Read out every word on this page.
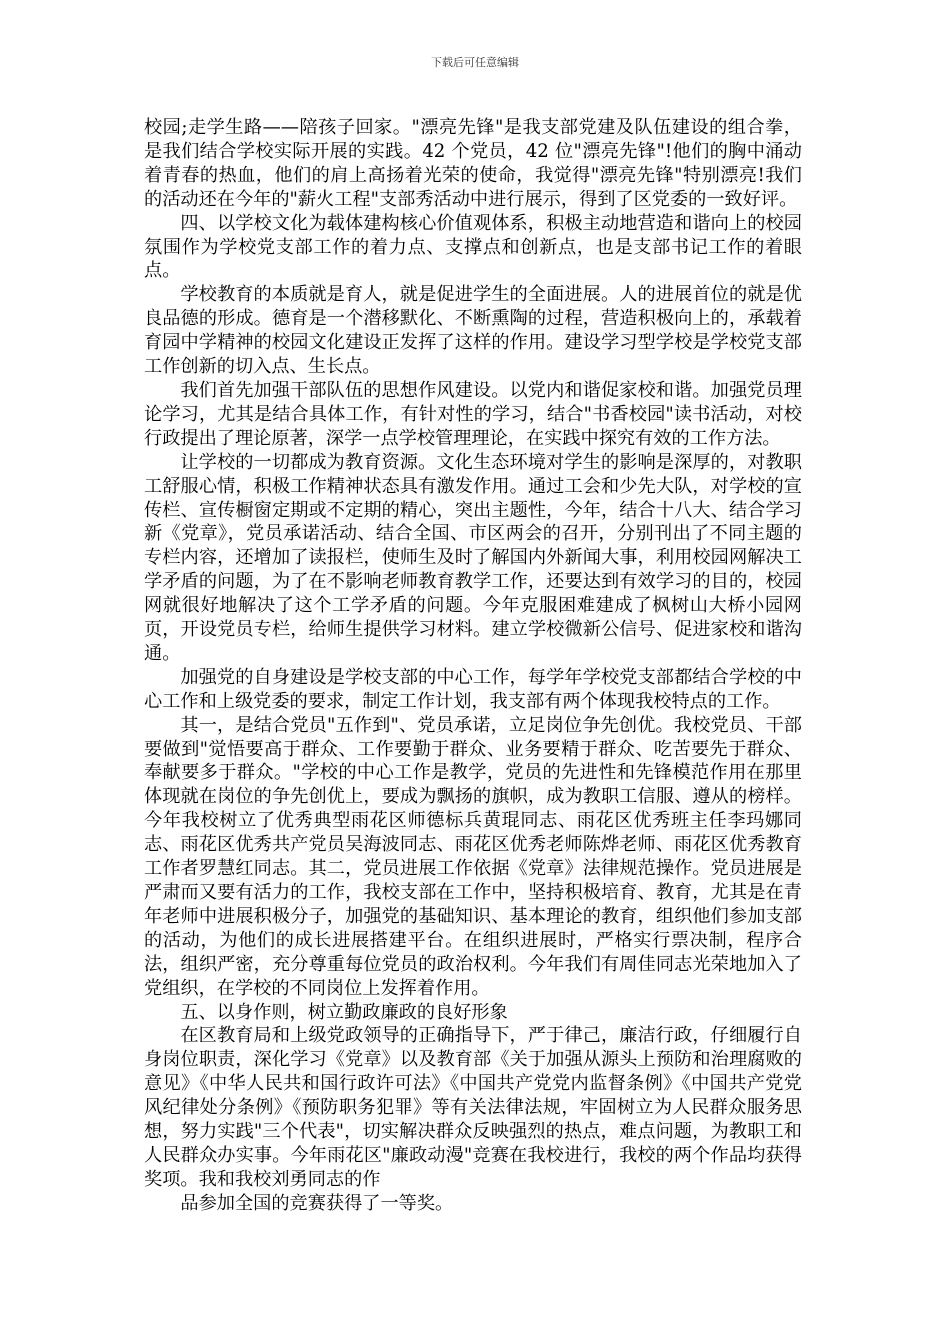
下载后可任意编辑

校园;走学生路——陪孩子回家。"漂亮先锋"是我支部党建及队伍建设的组合拳，是我们结合学校实际开展的实践。42 个党员，42 位"漂亮先锋"!他们的胸中涌动着青春的热血，他们的肩上高扬着光荣的使命，我觉得"漂亮先锋"特别漂亮!我们的活动还在今年的"薪火工程"支部秀活动中进行展示，得到了区党委的一致好评。

四、以学校文化为载体建构核心价值观体系，积极主动地营造和谐向上的校园氛围作为学校党支部工作的着力点、支撑点和创新点，也是支部书记工作的着眼点。

学校教育的本质就是育人，就是促进学生的全面进展。人的进展首位的就是优良品德的形成。德育是一个潜移默化、不断熏陶的过程，营造积极向上的，承载着育园中学精神的校园文化建设正发挥了这样的作用。建设学习型学校是学校党支部工作创新的切入点、生长点。

我们首先加强干部队伍的思想作风建设。以党内和谐促家校和谐。加强党员理论学习，尤其是结合具体工作，有针对性的学习，结合"书香校园"读书活动，对校行政提出了理论原著，深学一点学校管理理论，在实践中探究有效的工作方法。

让学校的一切都成为教育资源。文化生态环境对学生的影响是深厚的，对教职工舒服心情，积极工作精神状态具有激发作用。通过工会和少先大队，对学校的宣传栏、宣传橱窗定期或不定期的精心，突出主题性，今年，结合十八大、结合学习新《党章》，党员承诺活动、结合全国、市区两会的召开，分别刊出了不同主题的专栏内容，还增加了读报栏，使师生及时了解国内外新闻大事，利用校园网解决工学矛盾的问题，为了在不影响老师教育教学工作，还要达到有效学习的目的，校园网就很好地解决了这个工学矛盾的问题。今年克服困难建成了枫树山大桥小园网页，开设党员专栏，给师生提供学习材料。建立学校微新公信号、促进家校和谐沟通。

加强党的自身建设是学校支部的中心工作，每学年学校党支部都结合学校的中心工作和上级党委的要求，制定工作计划，我支部有两个体现我校特点的工作。

其一，是结合党员"五作到"、党员承诺，立足岗位争先创优。我校党员、干部要做到"觉悟要高于群众、工作要勤于群众、业务要精于群众、吃苦要先于群众、奉献要多于群众。"学校的中心工作是教学，党员的先进性和先锋模范作用在那里体现就在岗位的争先创优上，要成为飘扬的旗帜，成为教职工信服、遵从的榜样。今年我校树立了优秀典型雨花区师德标兵黄琨同志、雨花区优秀班主任李玛娜同志、雨花区优秀共产党员吴海波同志、雨花区优秀老师陈烨老师、雨花区优秀教育工作者罗慧红同志。其二，党员进展工作依据《党章》法律规范操作。党员进展是严肃而又要有活力的工作，我校支部在工作中，坚持积极培育、教育，尤其是在青年老师中进展积极分子，加强党的基础知识、基本理论的教育，组织他们参加支部的活动，为他们的成长进展搭建平台。在组织进展时，严格实行票决制，程序合法，组织严密，充分尊重每位党员的政治权利。今年我们有周佳同志光荣地加入了党组织，在学校的不同岗位上发挥着作用。

五、以身作则，树立勤政廉政的良好形象

在区教育局和上级党政领导的正确指导下，严于律己，廉洁行政，仔细履行自身岗位职责，深化学习《党章》以及教育部《关于加强从源头上预防和治理腐败的意见》《中华人民共和国行政许可法》《中国共产党党内监督条例》《中国共产党党风纪律处分条例》《预防职务犯罪》等有关法律法规，牢固树立为人民群众服务思想，努力实践"三个代表"，切实解决群众反映强烈的热点，难点问题，为教职工和人民群众办实事。今年雨花区"廉政动漫"竞赛在我校进行，我校的两个作品均获得奖项。我和我校刘勇同志的作

品参加全国的竞赛获得了一等奖。
